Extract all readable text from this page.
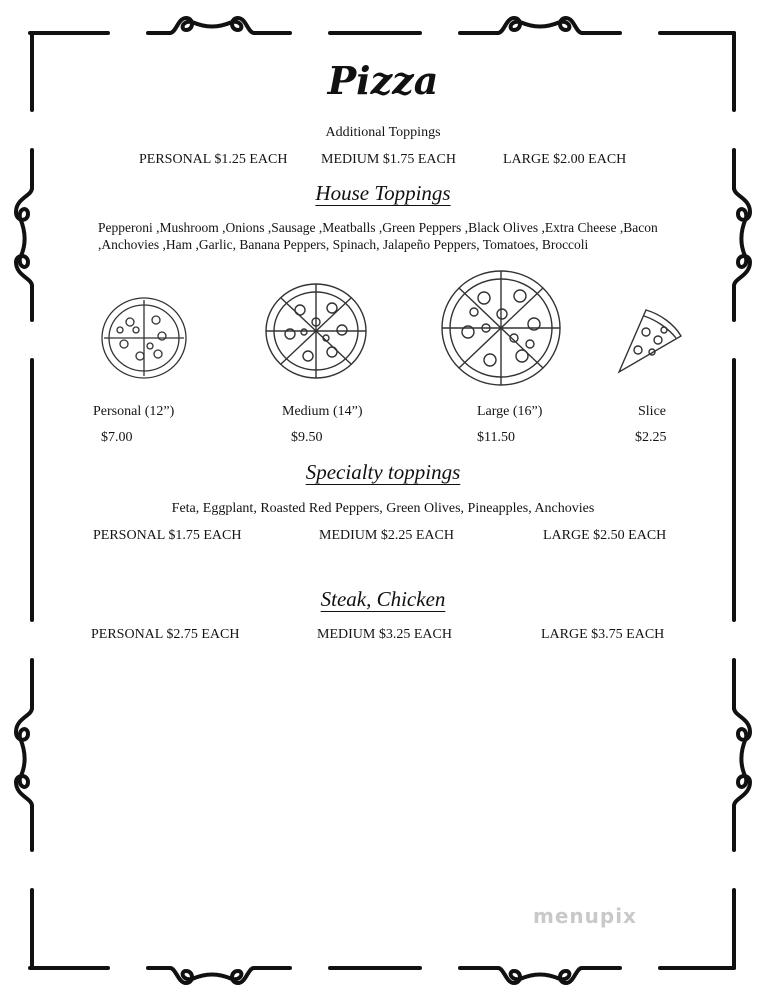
Pizza
Additional Toppings
PERSONAL $1.25 EACH MEDIUM $1.75 EACH	LARGE $2.00 EACH
House Toppings
Pepperoni ,Mushroom ,Onions ,Sausage ,Meatballs ,Green Peppers ,Black Olives ,Extra Cheese ,Bacon ,Anchovies ,Ham ,Garlic, Banana Peppers, Spinach, Jalapeño Peppers, Tomatoes, Broccoli
Personal (12”)	Medium (14”)	Large (16”)	Slice
$7.00	$9.50	$11.50	$2.25
Specialty toppings
Feta, Eggplant, Roasted Red Peppers, Green Olives, Pineapples, Anchovies
PERSONAL $1.75 EACH	MEDIUM $2.25 EACH	LARGE $2.50 EACH
Steak, Chicken
PERSONAL $2.75 EACH	MEDIUM $3.25 EACH	LARGE $3.75 EACH
menupix
